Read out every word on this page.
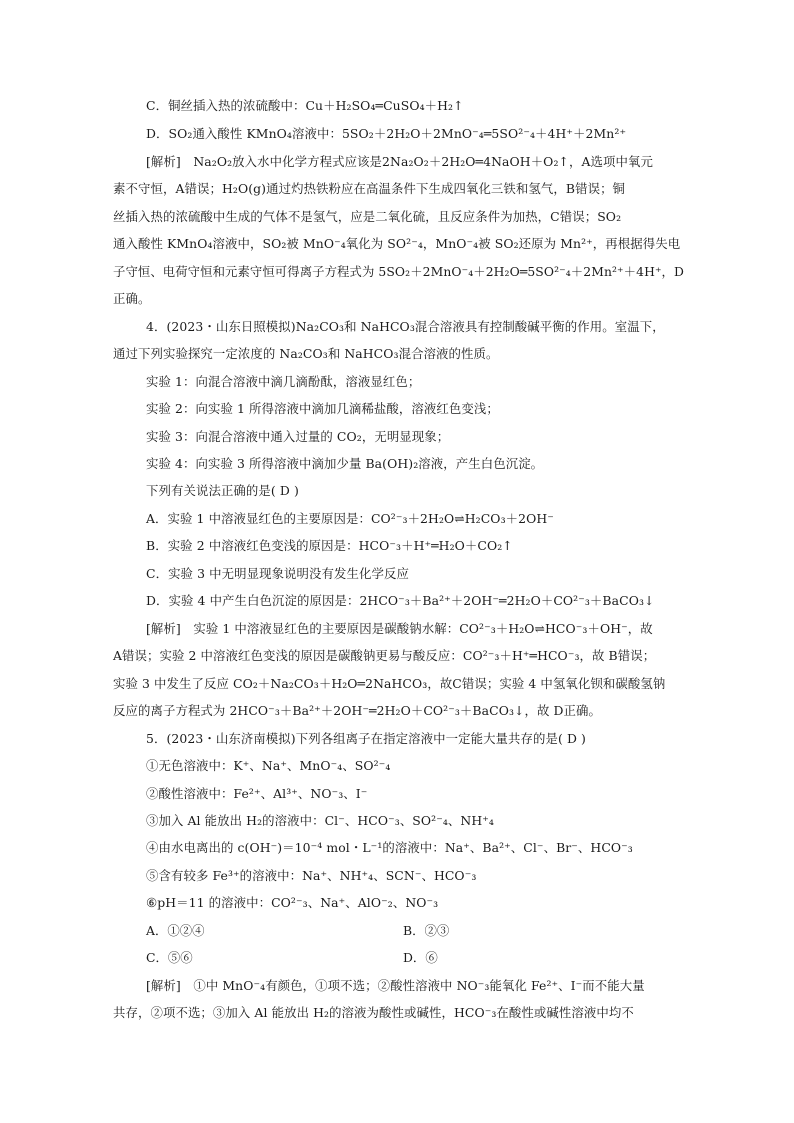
C．铜丝插入热的浓硫酸中：Cu＋H₂SO₄═CuSO₄＋H₂↑
D．SO₂通入酸性 KMnO₄溶液中：5SO₂＋2H₂O＋2MnO⁻₄═5SO²⁻₄＋4H⁺＋2Mn²⁺
[解析]　Na₂O₂放入水中化学方程式应该是2Na₂O₂＋2H₂O═4NaOH＋O₂↑，A选项中氧元
素不守恒，A错误；H₂O(g)通过灼热铁粉应在高温条件下生成四氧化三铁和氢气，B错误；铜
丝插入热的浓硫酸中生成的气体不是氢气，应是二氧化硫，且反应条件为加热，C错误；SO₂
通入酸性 KMnO₄溶液中，SO₂被 MnO⁻₄氧化为 SO²⁻₄，MnO⁻₄被 SO₂还原为 Mn²⁺，再根据得失电
子守恒、电荷守恒和元素守恒可得离子方程式为 5SO₂＋2MnO⁻₄＋2H₂O═5SO²⁻₄＋2Mn²⁺＋4H⁺，D
正确。
4．(2023・山东日照模拟)Na₂CO₃和 NaHCO₃混合溶液具有控制酸碱平衡的作用。室温下，
通过下列实验探究一定浓度的 Na₂CO₃和 NaHCO₃混合溶液的性质。
实验 1：向混合溶液中滴几滴酚酞，溶液显红色；
实验 2：向实验 1 所得溶液中滴加几滴稀盐酸，溶液红色变浅；
实验 3：向混合溶液中通入过量的 CO₂，无明显现象；
实验 4：向实验 3 所得溶液中滴加少量 Ba(OH)₂溶液，产生白色沉淀。
下列有关说法正确的是( D )
A．实验 1 中溶液显红色的主要原因是：CO²⁻₃＋2H₂O⇌H₂CO₃＋2OH⁻
B．实验 2 中溶液红色变浅的原因是：HCO⁻₃＋H⁺═H₂O＋CO₂↑
C．实验 3 中无明显现象说明没有发生化学反应
D．实验 4 中产生白色沉淀的原因是：2HCO⁻₃＋Ba²⁺＋2OH⁻═2H₂O＋CO²⁻₃＋BaCO₃↓
[解析]　实验 1 中溶液显红色的主要原因是碳酸钠水解：CO²⁻₃＋H₂O⇌HCO⁻₃＋OH⁻，故
A错误；实验 2 中溶液红色变浅的原因是碳酸钠更易与酸反应：CO²⁻₃＋H⁺═HCO⁻₃，故 B错误；
实验 3 中发生了反应 CO₂＋Na₂CO₃＋H₂O═2NaHCO₃，故C错误；实验 4 中氢氧化钡和碳酸氢钠
反应的离子方程式为 2HCO⁻₃＋Ba²⁺＋2OH⁻═2H₂O＋CO²⁻₃＋BaCO₃↓，故 D正确。
5．(2023・山东济南模拟)下列各组离子在指定溶液中一定能大量共存的是( D )
①无色溶液中：K⁺、Na⁺、MnO⁻₄、SO²⁻₄
②酸性溶液中：Fe²⁺、Al³⁺、NO⁻₃、I⁻
③加入 Al 能放出 H₂的溶液中：Cl⁻、HCO⁻₃、SO²⁻₄、NH⁺₄
④由水电离出的 c(OH⁻)＝10⁻⁴ mol・L⁻¹的溶液中：Na⁺、Ba²⁺、Cl⁻、Br⁻、HCO⁻₃
⑤含有较多 Fe³⁺的溶液中：Na⁺、NH⁺₄、SCN⁻、HCO⁻₃
⑥pH＝11 的溶液中：CO²⁻₃、Na⁺、AlO⁻₂、NO⁻₃
A．①②④	B．②③
C．⑤⑥	D．⑥
[解析]　①中 MnO⁻₄有颜色，①项不选；②酸性溶液中 NO⁻₃能氧化 Fe²⁺、I⁻而不能大量
共存，②项不选；③加入 Al 能放出 H₂的溶液为酸性或碱性，HCO⁻₃在酸性或碱性溶液中均不
